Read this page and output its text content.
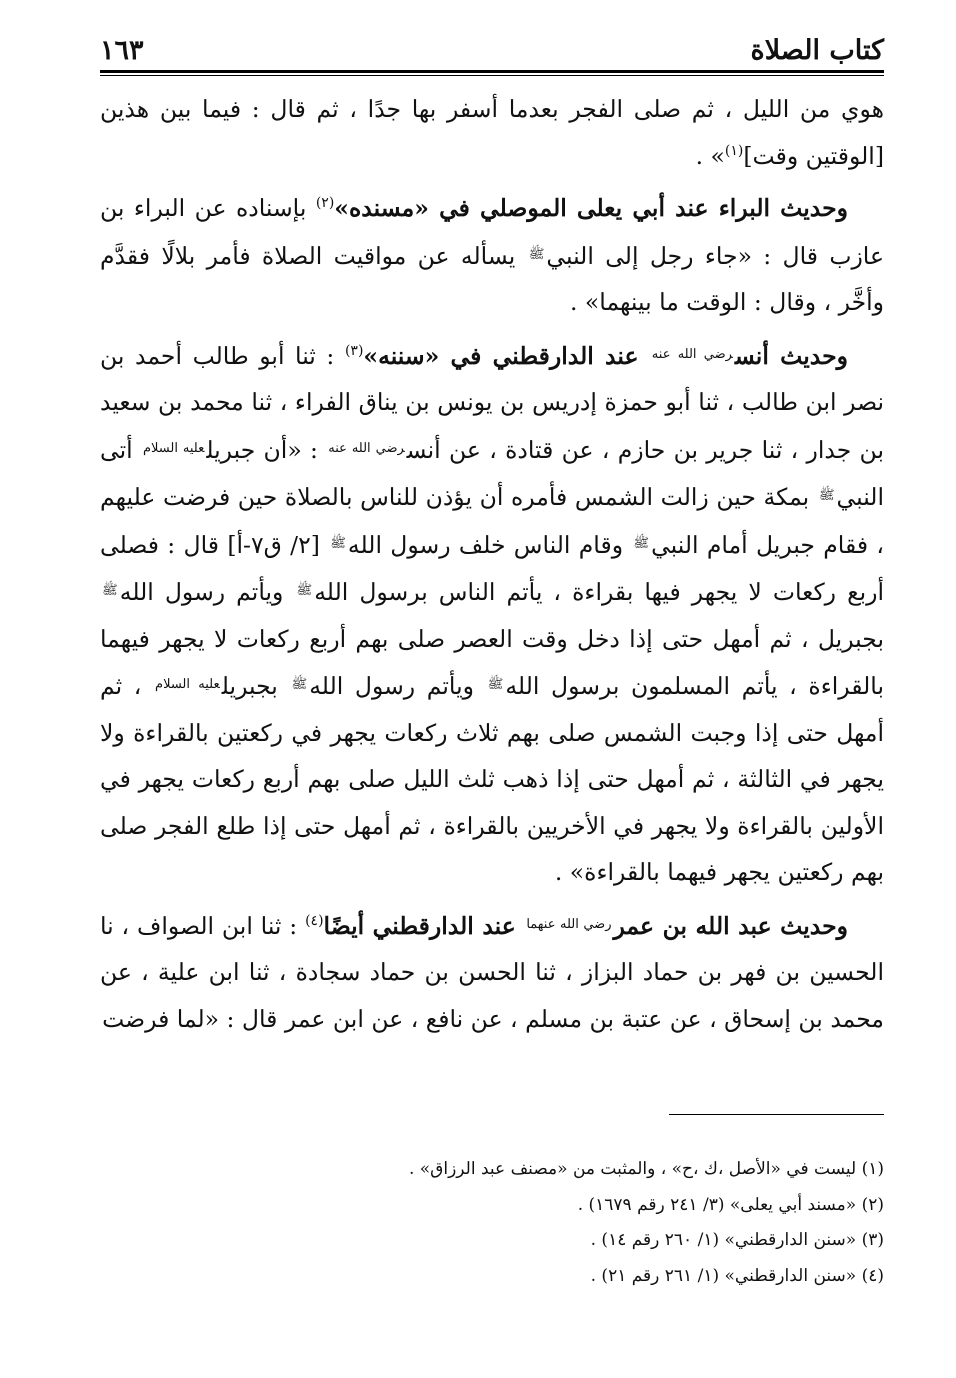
كتاب الصلاة
١٦٣

هوي من الليل ، ثم صلى الفجر بعدما أسفر بها جدًا ، ثم قال : فيما بين هذين [الوقتين وقت]$^{(١)}$» .

وحديث البراء عند أبي يعلى الموصلي في «مسنده»$^{(٢)}$ بإسناده عن البراء بن عازب قال : «جاء رجل إلى النبي$^ﷺ$ يسأله عن مواقيت الصلاة فأمر بلالًا فقدَّم وأخَّر ، وقال : الوقت ما بينهما» .

وحديث أنس$^{رضي الله عنه}$ عند الدارقطني في «سننه»$^{(٣)}$ : ثنا أبو طالب أحمد بن نصر ابن طالب ، ثنا أبو حمزة إدريس بن يونس بن يناق الفراء ، ثنا محمد بن سعيد بن جدار ، ثنا جرير بن حازم ، عن قتادة ، عن أنس$^{رضي الله عنه}$ : «أن جبريل$^{عليه السلام}$ أتى النبي$^ﷺ$ بمكة حين زالت الشمس فأمره أن يؤذن للناس بالصلاة حين فرضت عليهم ، فقام جبريل أمام النبي$^ﷺ$ وقام الناس خلف رسول الله$^ﷺ$ [٢/ ق٧-أ] قال : فصلى أربع ركعات لا يجهر فيها بقراءة ، يأتم الناس برسول الله$^ﷺ$ ويأتم رسول الله$^ﷺ$ بجبريل ، ثم أمهل حتى إذا دخل وقت العصر صلى بهم أربع ركعات لا يجهر فيهما بالقراءة ، يأتم المسلمون برسول الله$^ﷺ$ ويأتم رسول الله$^ﷺ$ بجبريل$^{عليه السلام}$ ، ثم أمهل حتى إذا وجبت الشمس صلى بهم ثلاث ركعات يجهر في ركعتين بالقراءة ولا يجهر في الثالثة ، ثم أمهل حتى إذا ذهب ثلث الليل صلى بهم أربع ركعات يجهر في الأولين بالقراءة ولا يجهر في الأخريين بالقراءة ، ثم أمهل حتى إذا طلع الفجر صلى بهم ركعتين يجهر فيهما بالقراءة» .

وحديث عبد الله بن عمر$^{رضي الله عنهما}$ عند الدارقطني أيضًا$^{(٤)}$ : ثنا ابن الصواف ، نا الحسين بن فهر بن حماد البزاز ، ثنا الحسن بن حماد سجادة ، ثنا ابن علية ، عن محمد بن إسحاق ، عن عتبة بن مسلم ، عن نافع ، عن ابن عمر قال : «لما فرضت

(١) ليست في «الأصل ،ك ،ح» ، والمثبت من «مصنف عبد الرزاق» .
(٢) «مسند أبي يعلى» (٣/ ٢٤١ رقم ١٦٧٩) .
(٣) «سنن الدارقطني» (١/ ٢٦٠ رقم ١٤) .
(٤) «سنن الدارقطني» (١/ ٢٦١ رقم ٢١) .
